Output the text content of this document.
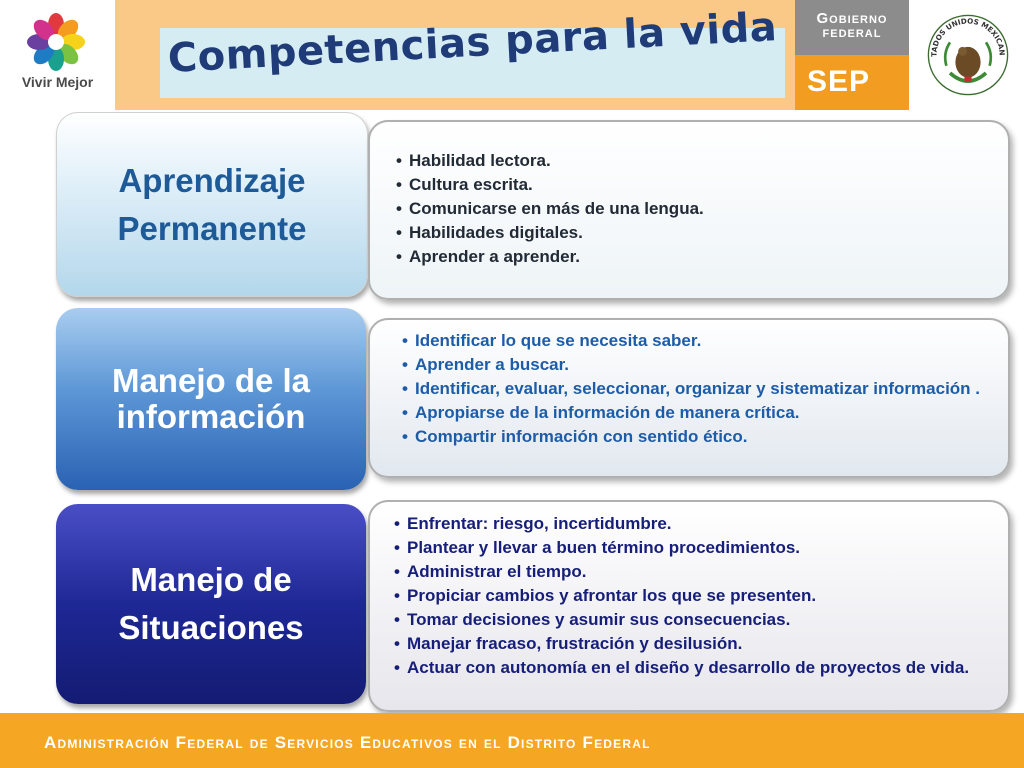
Vivir Mejor
Competencias para la vida	Gobierno
FEDERAL
SEP
TADOS UNIDOS MEXICAN
Aprendizaje
Permanente
• Habilidad lectora.
• Cultura escrita.
• Comunicarse en más de una lengua.
• Habilidades digitales.
• Aprender a aprender.
Manejo de la
información
• Identificar lo que se necesita saber.
• Aprender a buscar.
• Identificar, evaluar, seleccionar, organizar y sistematizar información .
• Apropiarse de la información de manera crítica.
• Compartir información con sentido ético.
Manejo de
Situaciones
• Enfrentar: riesgo, incertidumbre.
• Plantear y llevar a buen término procedimientos.
• Administrar el tiempo.
• Propiciar cambios y afrontar los que se presenten.
• Tomar decisiones y asumir sus consecuencias.
• Manejar fracaso, frustración y desilusión.
• Actuar con autonomía en el diseño y desarrollo de proyectos de vida.
Administración Federal de Servicios Educativos en el Distrito Federal
